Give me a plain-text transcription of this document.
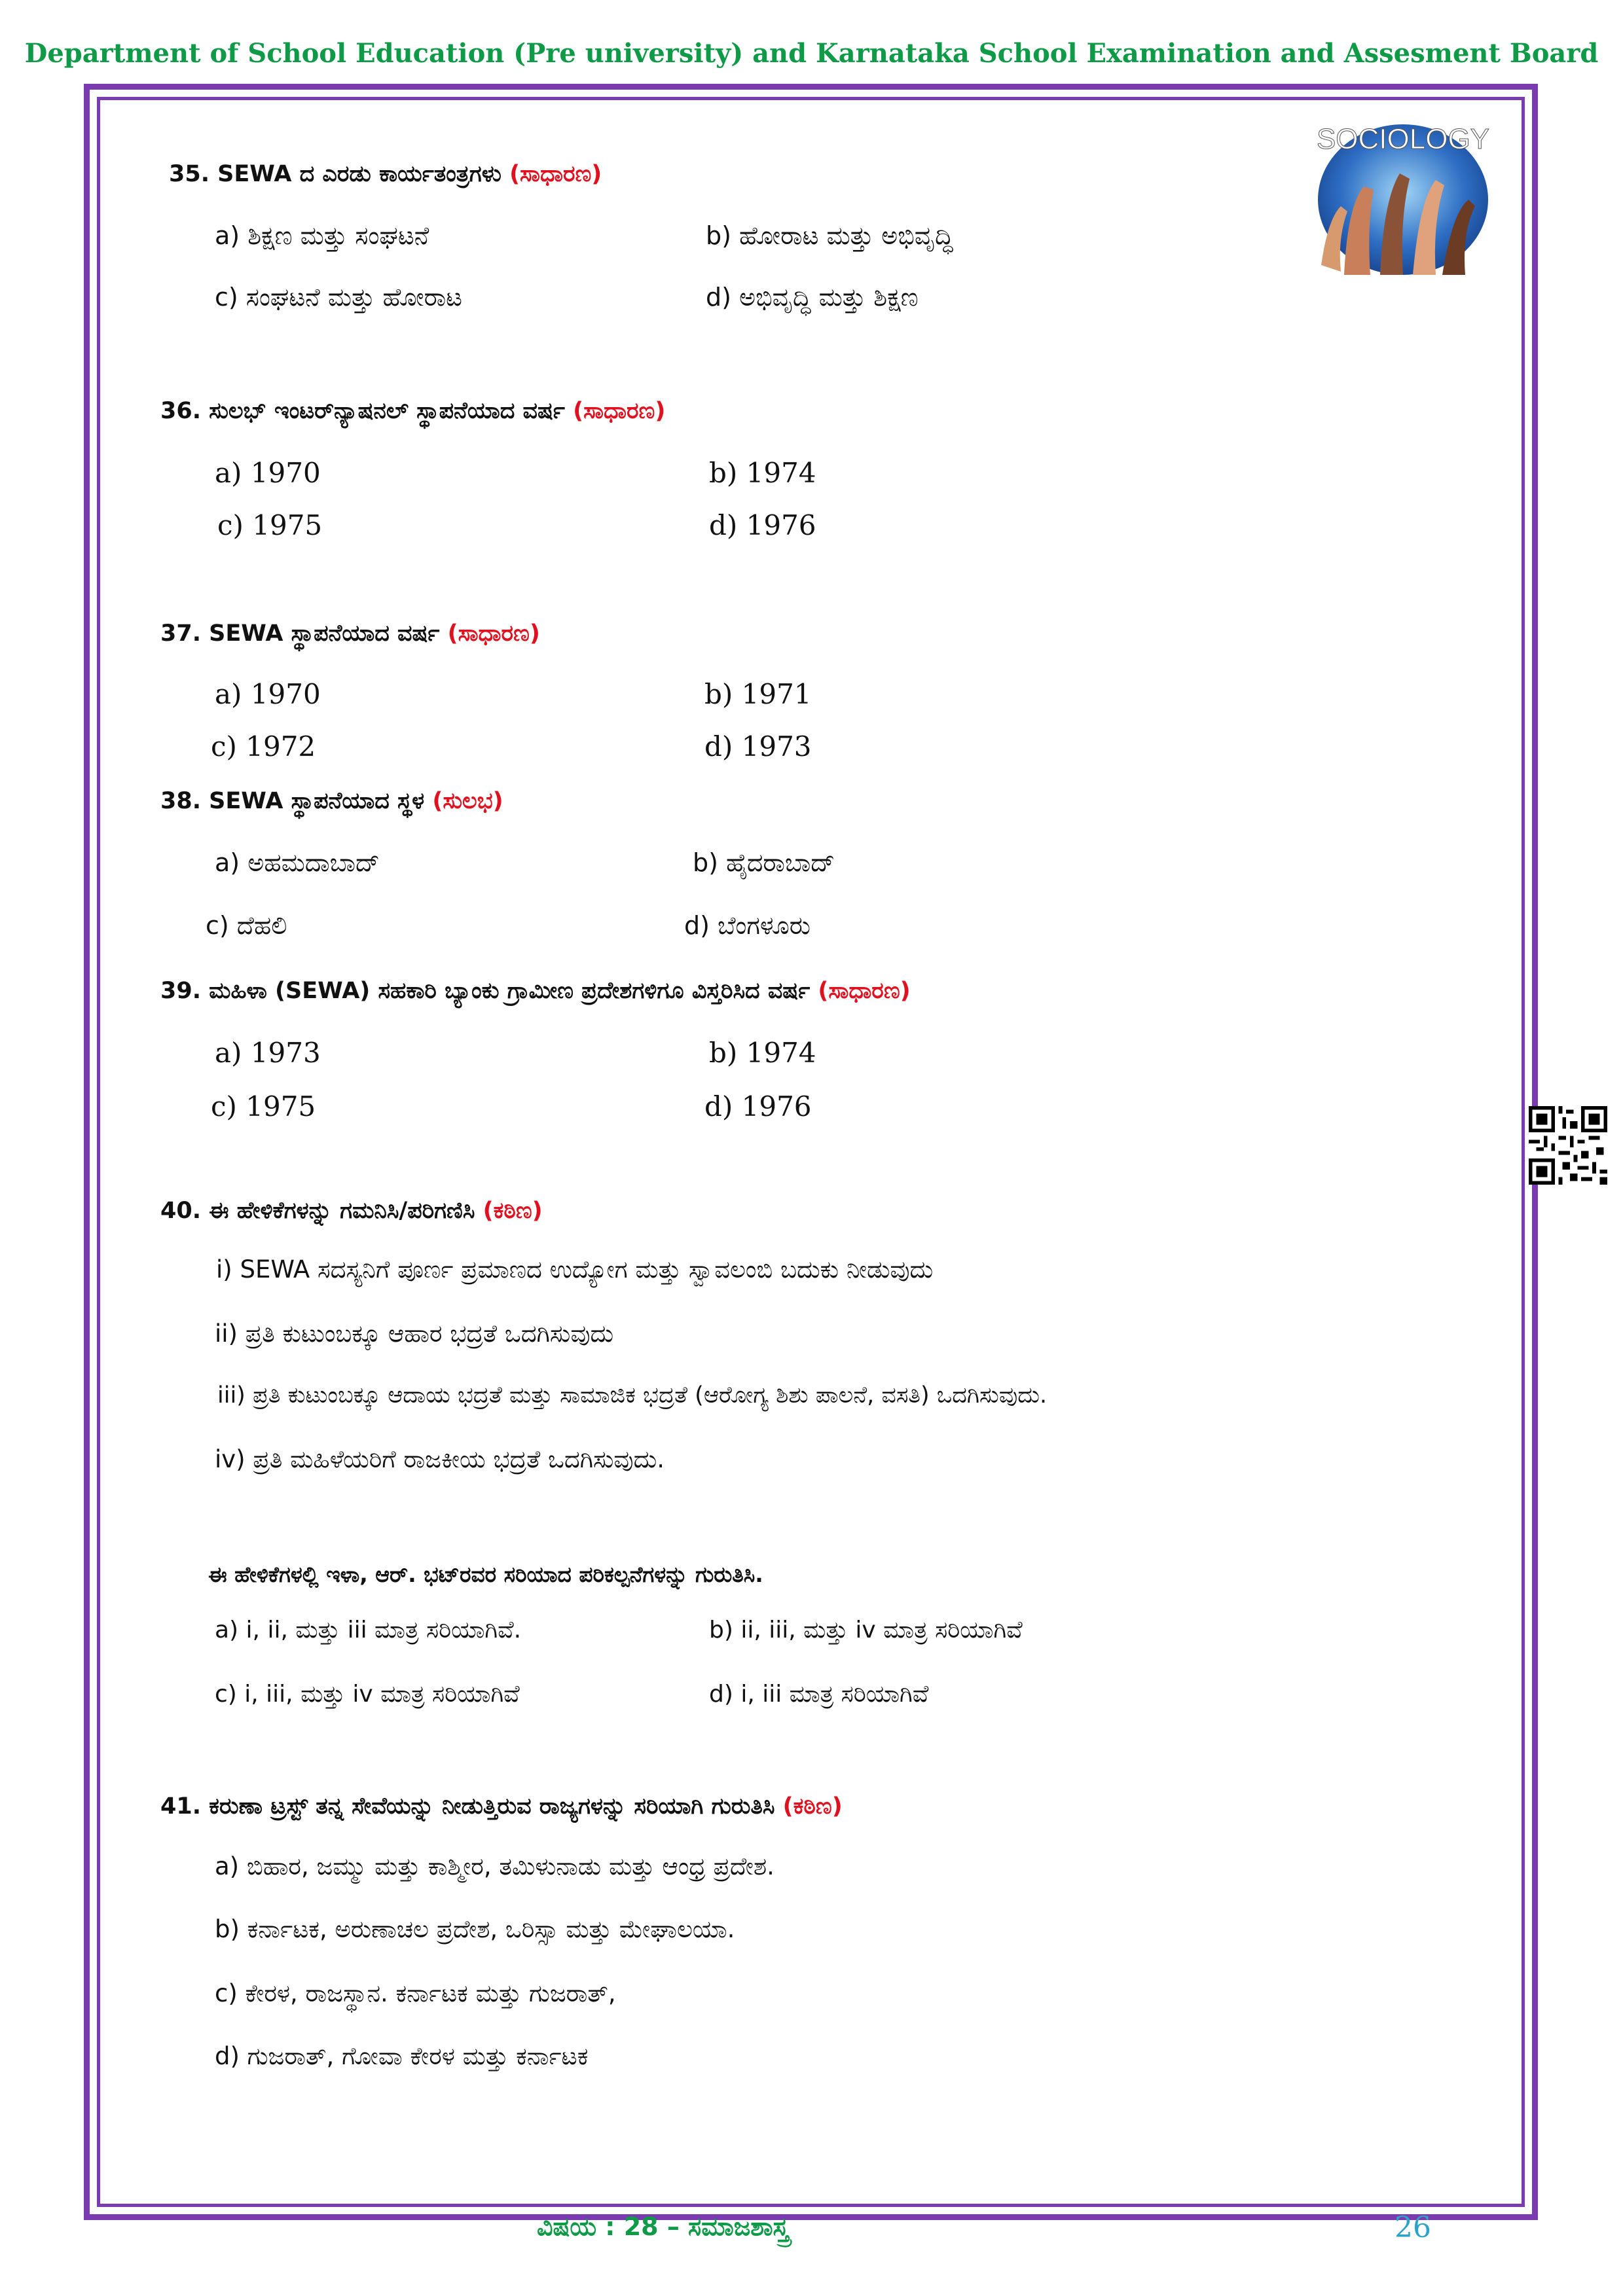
Department of School Education (Pre university) and Karnataka School Examination and Assesment Board
SOCIOLOGY
35. SEWA ದ ಎರಡು ಕಾರ್ಯತಂತ್ರಗಳು (ಸಾಧಾರಣ)
a) ಶಿಕ್ಷಣ ಮತ್ತು ಸಂಘಟನೆ	b) ಹೋರಾಟ ಮತ್ತು ಅಭಿವೃದ್ಧಿ
c) ಸಂಘಟನೆ ಮತ್ತು ಹೋರಾಟ	d) ಅಭಿವೃದ್ಧಿ ಮತ್ತು ಶಿಕ್ಷಣ
36. ಸುಲಭ್ ಇಂಟರ್‌ನ್ಯಾಷನಲ್ ಸ್ಥಾಪನೆಯಾದ ವರ್ಷ (ಸಾಧಾರಣ)
a) 1970	b) 1974
c) 1975	d) 1976
37. SEWA ಸ್ಥಾಪನೆಯಾದ ವರ್ಷ (ಸಾಧಾರಣ)
a) 1970	b) 1971
c) 1972	d) 1973
38. SEWA ಸ್ಥಾಪನೆಯಾದ ಸ್ಥಳ (ಸುಲಭ)
a) ಅಹಮದಾಬಾದ್	b) ಹೈದರಾಬಾದ್
c) ದೆಹಲಿ	d) ಬೆಂಗಳೂರು
39. ಮಹಿಳಾ (SEWA) ಸಹಕಾರಿ ಬ್ಯಾಂಕು ಗ್ರಾಮೀಣ ಪ್ರದೇಶಗಳಿಗೂ ವಿಸ್ತರಿಸಿದ ವರ್ಷ (ಸಾಧಾರಣ)
a) 1973	b) 1974
c) 1975	d) 1976
40. ಈ ಹೇಳಿಕೆಗಳನ್ನು ಗಮನಿಸಿ/ಪರಿಗಣಿಸಿ (ಕಠಿಣ)
i) SEWA ಸದಸ್ಯನಿಗೆ ಪೂರ್ಣ ಪ್ರಮಾಣದ ಉದ್ಯೋಗ ಮತ್ತು ಸ್ವಾವಲಂಬಿ ಬದುಕು ನೀಡುವುದು
ii) ಪ್ರತಿ ಕುಟುಂಬಕ್ಕೂ ಆಹಾರ ಭದ್ರತೆ ಒದಗಿಸುವುದು
iii) ಪ್ರತಿ ಕುಟುಂಬಕ್ಕೂ ಆದಾಯ ಭದ್ರತೆ ಮತ್ತು ಸಾಮಾಜಿಕ ಭದ್ರತೆ (ಆರೋಗ್ಯ ಶಿಶು ಪಾಲನೆ, ವಸತಿ) ಒದಗಿಸುವುದು.
iv) ಪ್ರತಿ ಮಹಿಳೆಯರಿಗೆ ರಾಜಕೀಯ ಭದ್ರತೆ ಒದಗಿಸುವುದು.
ಈ ಹೇಳಿಕೆಗಳಲ್ಲಿ ಇಳಾ, ಆರ್. ಭಟ್‌ರವರ ಸರಿಯಾದ ಪರಿಕಲ್ಪನೆಗಳನ್ನು ಗುರುತಿಸಿ.
a) i, ii, ಮತ್ತು iii ಮಾತ್ರ ಸರಿಯಾಗಿವೆ.	b) ii, iii, ಮತ್ತು iv ಮಾತ್ರ ಸರಿಯಾಗಿವೆ
c) i, iii, ಮತ್ತು iv ಮಾತ್ರ ಸರಿಯಾಗಿವೆ	d) i, iii ಮಾತ್ರ ಸರಿಯಾಗಿವೆ
41. ಕರುಣಾ ಟ್ರಸ್ಟ್ ತನ್ನ ಸೇವೆಯನ್ನು ನೀಡುತ್ತಿರುವ ರಾಜ್ಯಗಳನ್ನು ಸರಿಯಾಗಿ ಗುರುತಿಸಿ (ಕಠಿಣ)
a) ಬಿಹಾರ, ಜಮ್ಮು ಮತ್ತು ಕಾಶ್ಮೀರ, ತಮಿಳುನಾಡು ಮತ್ತು ಆಂಧ್ರ ಪ್ರದೇಶ.
b) ಕರ್ನಾಟಕ, ಅರುಣಾಚಲ ಪ್ರದೇಶ, ಒರಿಸ್ಸಾ ಮತ್ತು ಮೇಘಾಲಯಾ.
c) ಕೇರಳ, ರಾಜಸ್ಥಾನ. ಕರ್ನಾಟಕ ಮತ್ತು ಗುಜರಾತ್,
d) ಗುಜರಾತ್, ಗೋವಾ ಕೇರಳ ಮತ್ತು ಕರ್ನಾಟಕ
ವಿಷಯ : 28 – ಸಮಾಜಶಾಸ್ತ್ರ	26
